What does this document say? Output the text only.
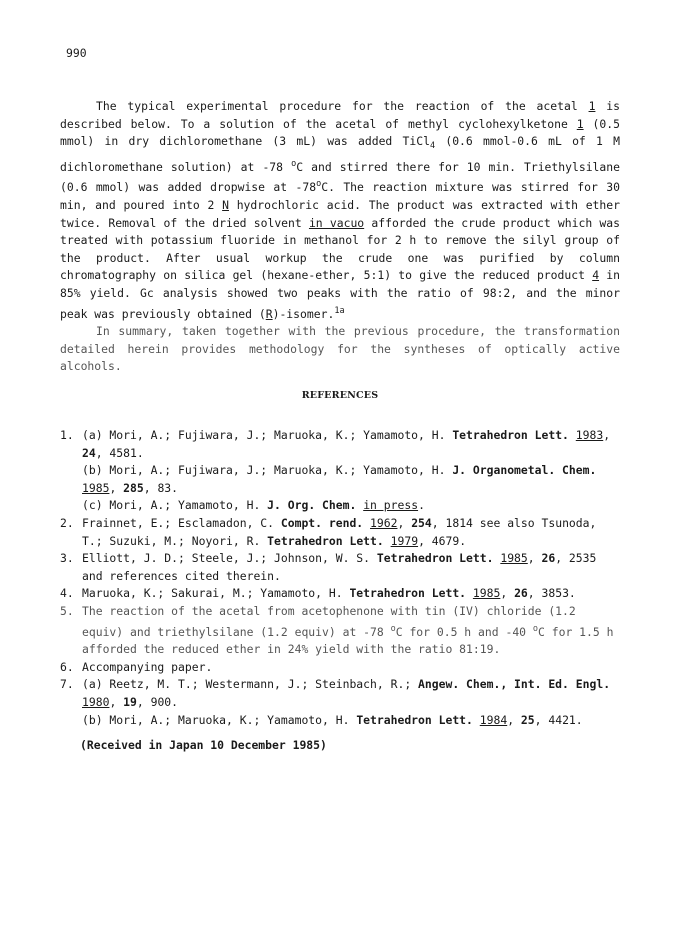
990

The typical experimental procedure for the reaction of the acetal 1 is described below. To a solution of the acetal of methyl cyclohexylketone 1 (0.5 mmol) in dry dichloromethane (3 mL) was added TiCl$_4$ (0.6 mmol-0.6 mL of 1 M dichloromethane solution) at -78 $^o$C and stirred there for 10 min. Triethylsilane (0.6 mmol) was added dropwise at -78$^o$C. The reaction mixture was stirred for 30 min, and poured into 2 N hydrochloric acid. The product was extracted with ether twice. Removal of the dried solvent in vacuo afforded the crude product which was treated with potassium fluoride in methanol for 2 h to remove the silyl group of the product. After usual workup the crude one was purified by column chromatography on silica gel (hexane-ether, 5:1) to give the reduced product 4 in 85% yield. Gc analysis showed two peaks with the ratio of 98:2, and the minor peak was previously obtained (R)-isomer.$^{1a}$

In summary, taken together with the previous procedure, the transformation detailed herein provides methodology for the syntheses of optically active alcohols.

REFERENCES
1. (a) Mori, A.; Fujiwara, J.; Maruoka, K.; Yamamoto, H. Tetrahedron Lett. 1983, 24, 4581.
(b) Mori, A.; Fujiwara, J.; Maruoka, K.; Yamamoto, H. J. Organometal. Chem. 1985, 285, 83.
(c) Mori, A.; Yamamoto, H. J. Org. Chem. in press.
2. Frainnet, E.; Esclamadon, C. Compt. rend. 1962, 254, 1814 see also Tsunoda, T.; Suzuki, M.; Noyori, R. Tetrahedron Lett. 1979, 4679.
3. Elliott, J. D.; Steele, J.; Johnson, W. S. Tetrahedron Lett. 1985, 26, 2535 and references cited therein.
4. Maruoka, K.; Sakurai, M.; Yamamoto, H. Tetrahedron Lett. 1985, 26, 3853.
5. The reaction of the acetal from acetophenone with tin (IV) chloride (1.2 equiv) and triethylsilane (1.2 equiv) at -78 $^o$C for 0.5 h and -40 $^o$C for 1.5 h afforded the reduced ether in 24% yield with the ratio 81:19.
6. Accompanying paper.
7. (a) Reetz, M. T.; Westermann, J.; Steinbach, R.; Angew. Chem., Int. Ed. Engl. 1980, 19, 900.
(b) Mori, A.; Maruoka, K.; Yamamoto, H. Tetrahedron Lett. 1984, 25, 4421.
(Received in Japan 10 December 1985)
